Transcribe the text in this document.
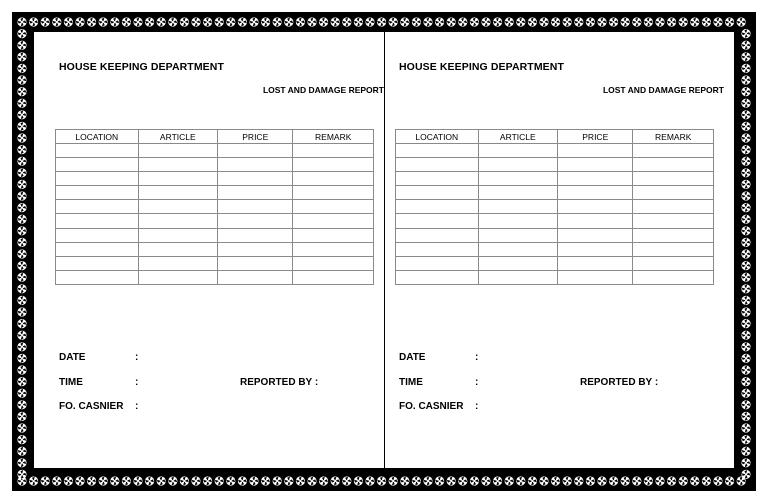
HOUSE KEEPING DEPARTMENT
LOST AND DAMAGE REPORT
LOCATION	ARTICLE	PRICE	REMARK

DATE	:
TIME	:	REPORTED BY :
FO. CASNIER :
HOUSE KEEPING DEPARTMENT
LOST AND DAMAGE REPORT
LOCATION	ARTICLE	PRICE	REMARK

DATE	:
TIME	:	REPORTED BY :
FO. CASNIER :
